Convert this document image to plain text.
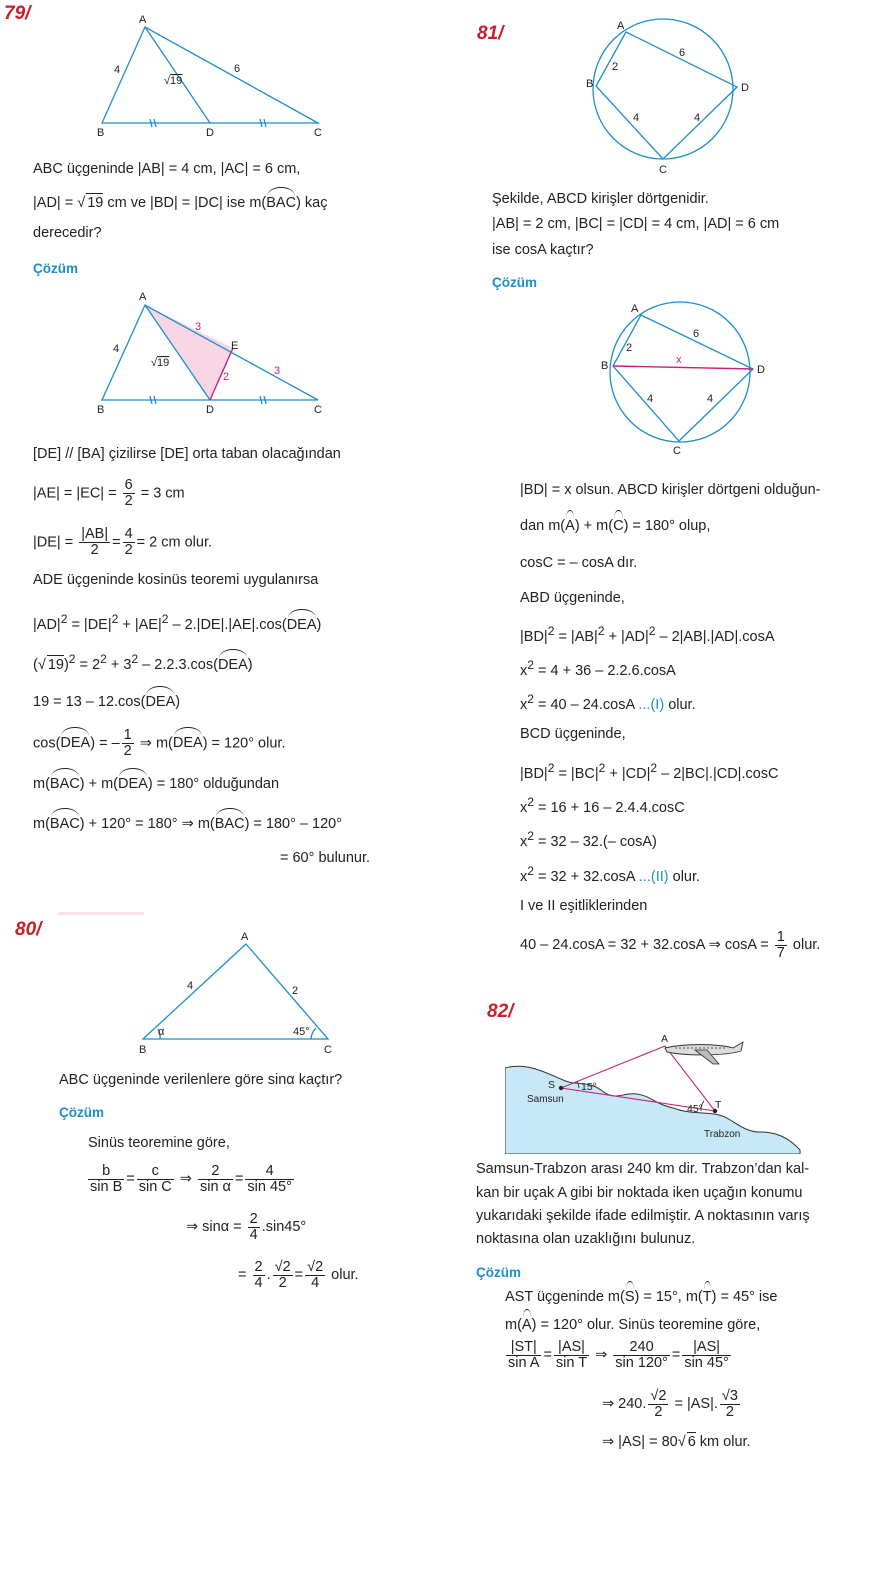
79/	A
B	D	C
4	6
√19
ABC üçgeninde |AB| = 4 cm, |AC| = 6 cm,
|AD| = √ 19 cm ve |BD| = |DC| ise m(BAC) kaç
derecedir?
Çözüm
A
B	D	C
E
4
√19
3
3
2
[DE] // [BA] çizilirse [DE] orta taban olacağından
$|AE| = |EC| = \frac{6}{2} = 3$ cm
$|DE| = \frac{|AB|}{2} = \frac{4}{2} = 2$ cm olur.
ADE üçgeninde kosinüs teoremi uygulanırsa
$|AD|^2 = |DE|^2 + |AE|^2 - 2.|DE|.|AE|.\cos(DEA)$
(√ $19)^2 = 2^2 + 3^2 - 2.2.3.\cos(DEA)$
19 = 13 – 12.cos(DEA)
cos(DEA) = – $\frac{1}{2}$ ⇒ m(DEA) = 120° olur.
m(BAC) + m(DEA) = 180° olduğundan
m(BAC) + 120° = 180° ⇒ m(BAC) = 180° – 120°
= 60° bulunur.
80/	A
B	C
4	2
α	45°
ABC üçgeninde verilenlere göre sinα kaçtır?
Çözüm
Sinüs teoremine göre,
$\frac{b}{\text{sin B}} = \frac{c}{\text{sin C}}$ ⇒ $\frac{2}{\text{sin α}} = \frac{4}{\sin 45^\circ}$
⇒ $\sin\alpha = \frac{2}{4} .\sin 45^\circ$
= $\frac{2}{4}$ . $\frac{√2}{2} = \frac{√2}{4}$ olur.
81/	A
B
C
D
2
6
4	4
Şekilde, ABCD kirişler dörtgenidir.
|AB| = 2 cm, |BC| = |CD| = 4 cm, |AD| = 6 cm
ise cosA kaçtır?
Çözüm
A
B
C
D
2
6
4	4
x
|BD| = x olsun. ABCD kirişler dörtgeni olduğun-
dan m(A) + m(C) = 180° olup,
cosC = – cosA dır.
ABD üçgeninde,
$|BD|^2 = |AB|^2 + |AD|^2 - 2|AB|.|AD|.\cos A$
$x^2 = 4 + 36 - 2.2.6.\cos A$
$x^2 = 40 - 24.\cos A$ ...(I) olur.
BCD üçgeninde,
$|BD|^2 = |BC|^2 + |CD|^2 - 2|BC|.|CD|.\cos C$
$x^2 = 16 + 16 - 2.4.4.\cos C$
$x^2 = 32 - 32.(-$ cosA)
$x^2 = 32 + 32.\cos A$ ...(II) olur.
I ve II eşitliklerinden
40 – 24.cosA = 32 + 32.cosA ⇒ $\cos A = \frac{1}{7}$ olur.
82/
A
S
T
15°
45°
Samsun
Trabzon
Samsun-Trabzon arası 240 km dir. Trabzon’dan kal-
kan bir uçak A gibi bir noktada iken uçağın konumu
yukarıdaki şekilde ifade edilmiştir. A noktasının varış
noktasına olan uzaklığını bulunuz.
Çözüm
AST üçgeninde m(S) = 15°, m(T) = 45° ise
m(A) = 120° olur. Sinüs teoremine göre,
$\frac{|ST|}{\text{sin A}} = \frac{|AS|}{\text{sin T}}$ ⇒ $\frac{240}{\sin 120^\circ} = \frac{|AS|}{\sin 45^\circ}$
⇒ 240. $\frac{√2}{2} = |AS|$. $\frac{√3}{2}$
⇒ |AS| = 80√ 6 km olur.
